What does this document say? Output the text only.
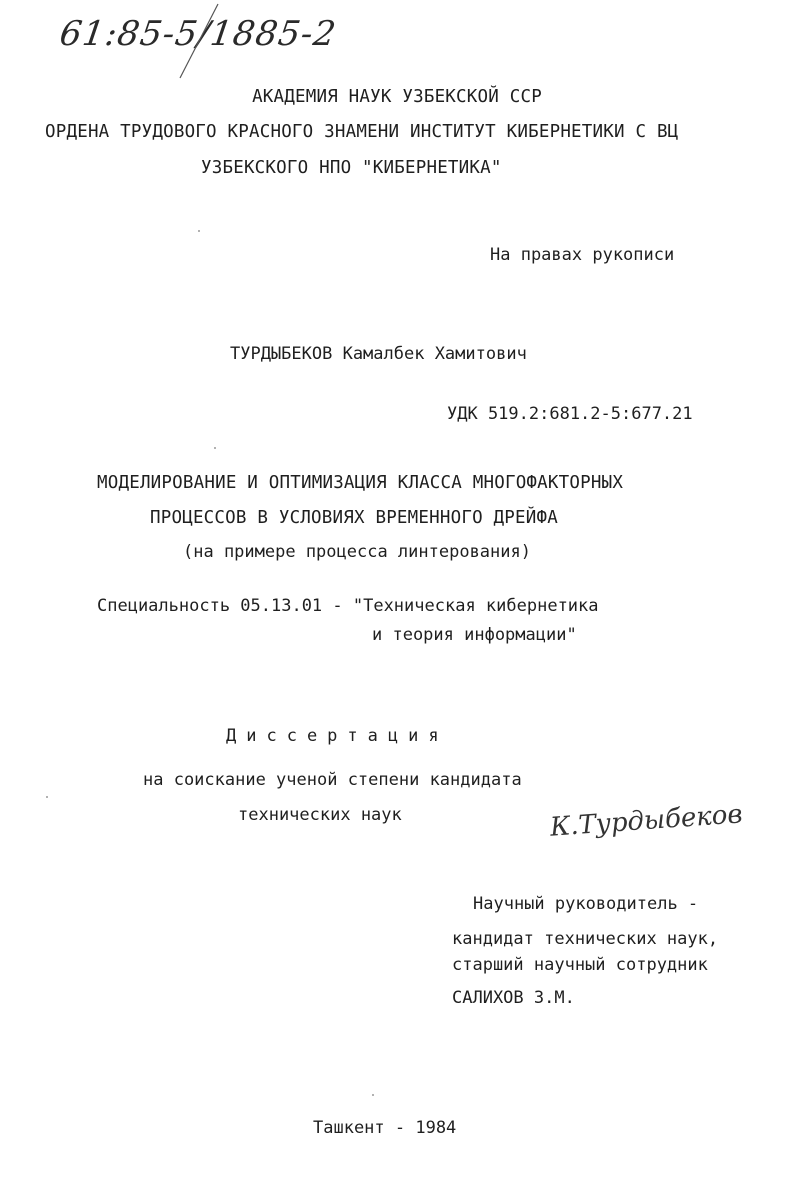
61:85-5/1885-2
АКАДЕМИЯ НАУК УЗБЕКСКОЙ ССР
ОРДЕНА ТРУДОВОГО КРАСНОГО ЗНАМЕНИ ИНСТИТУТ КИБЕРНЕТИКИ С ВЦ
УЗБЕКСКОГО НПО "КИБЕРНЕТИКА"
На правах рукописи
ТУРДЫБЕКОВ Камалбек Хамитович
УДК 519.2:681.2-5:677.21
МОДЕЛИРОВАНИЕ И ОПТИМИЗАЦИЯ КЛАССА МНОГОФАКТОРНЫХ
ПРОЦЕССОВ В УСЛОВИЯХ ВРЕМЕННОГО ДРЕЙФА
(на примере процесса линтерования)
Специальность 05.13.01 - "Техническая кибернетика
и теория информации"
Диссертация
на соискание ученой степени кандидата
технических наук	К.Турдыбеков
Научный руководитель -
кандидат технических наук,
старший научный сотрудник
САЛИХОВ З.М.
Ташкент - 1984
